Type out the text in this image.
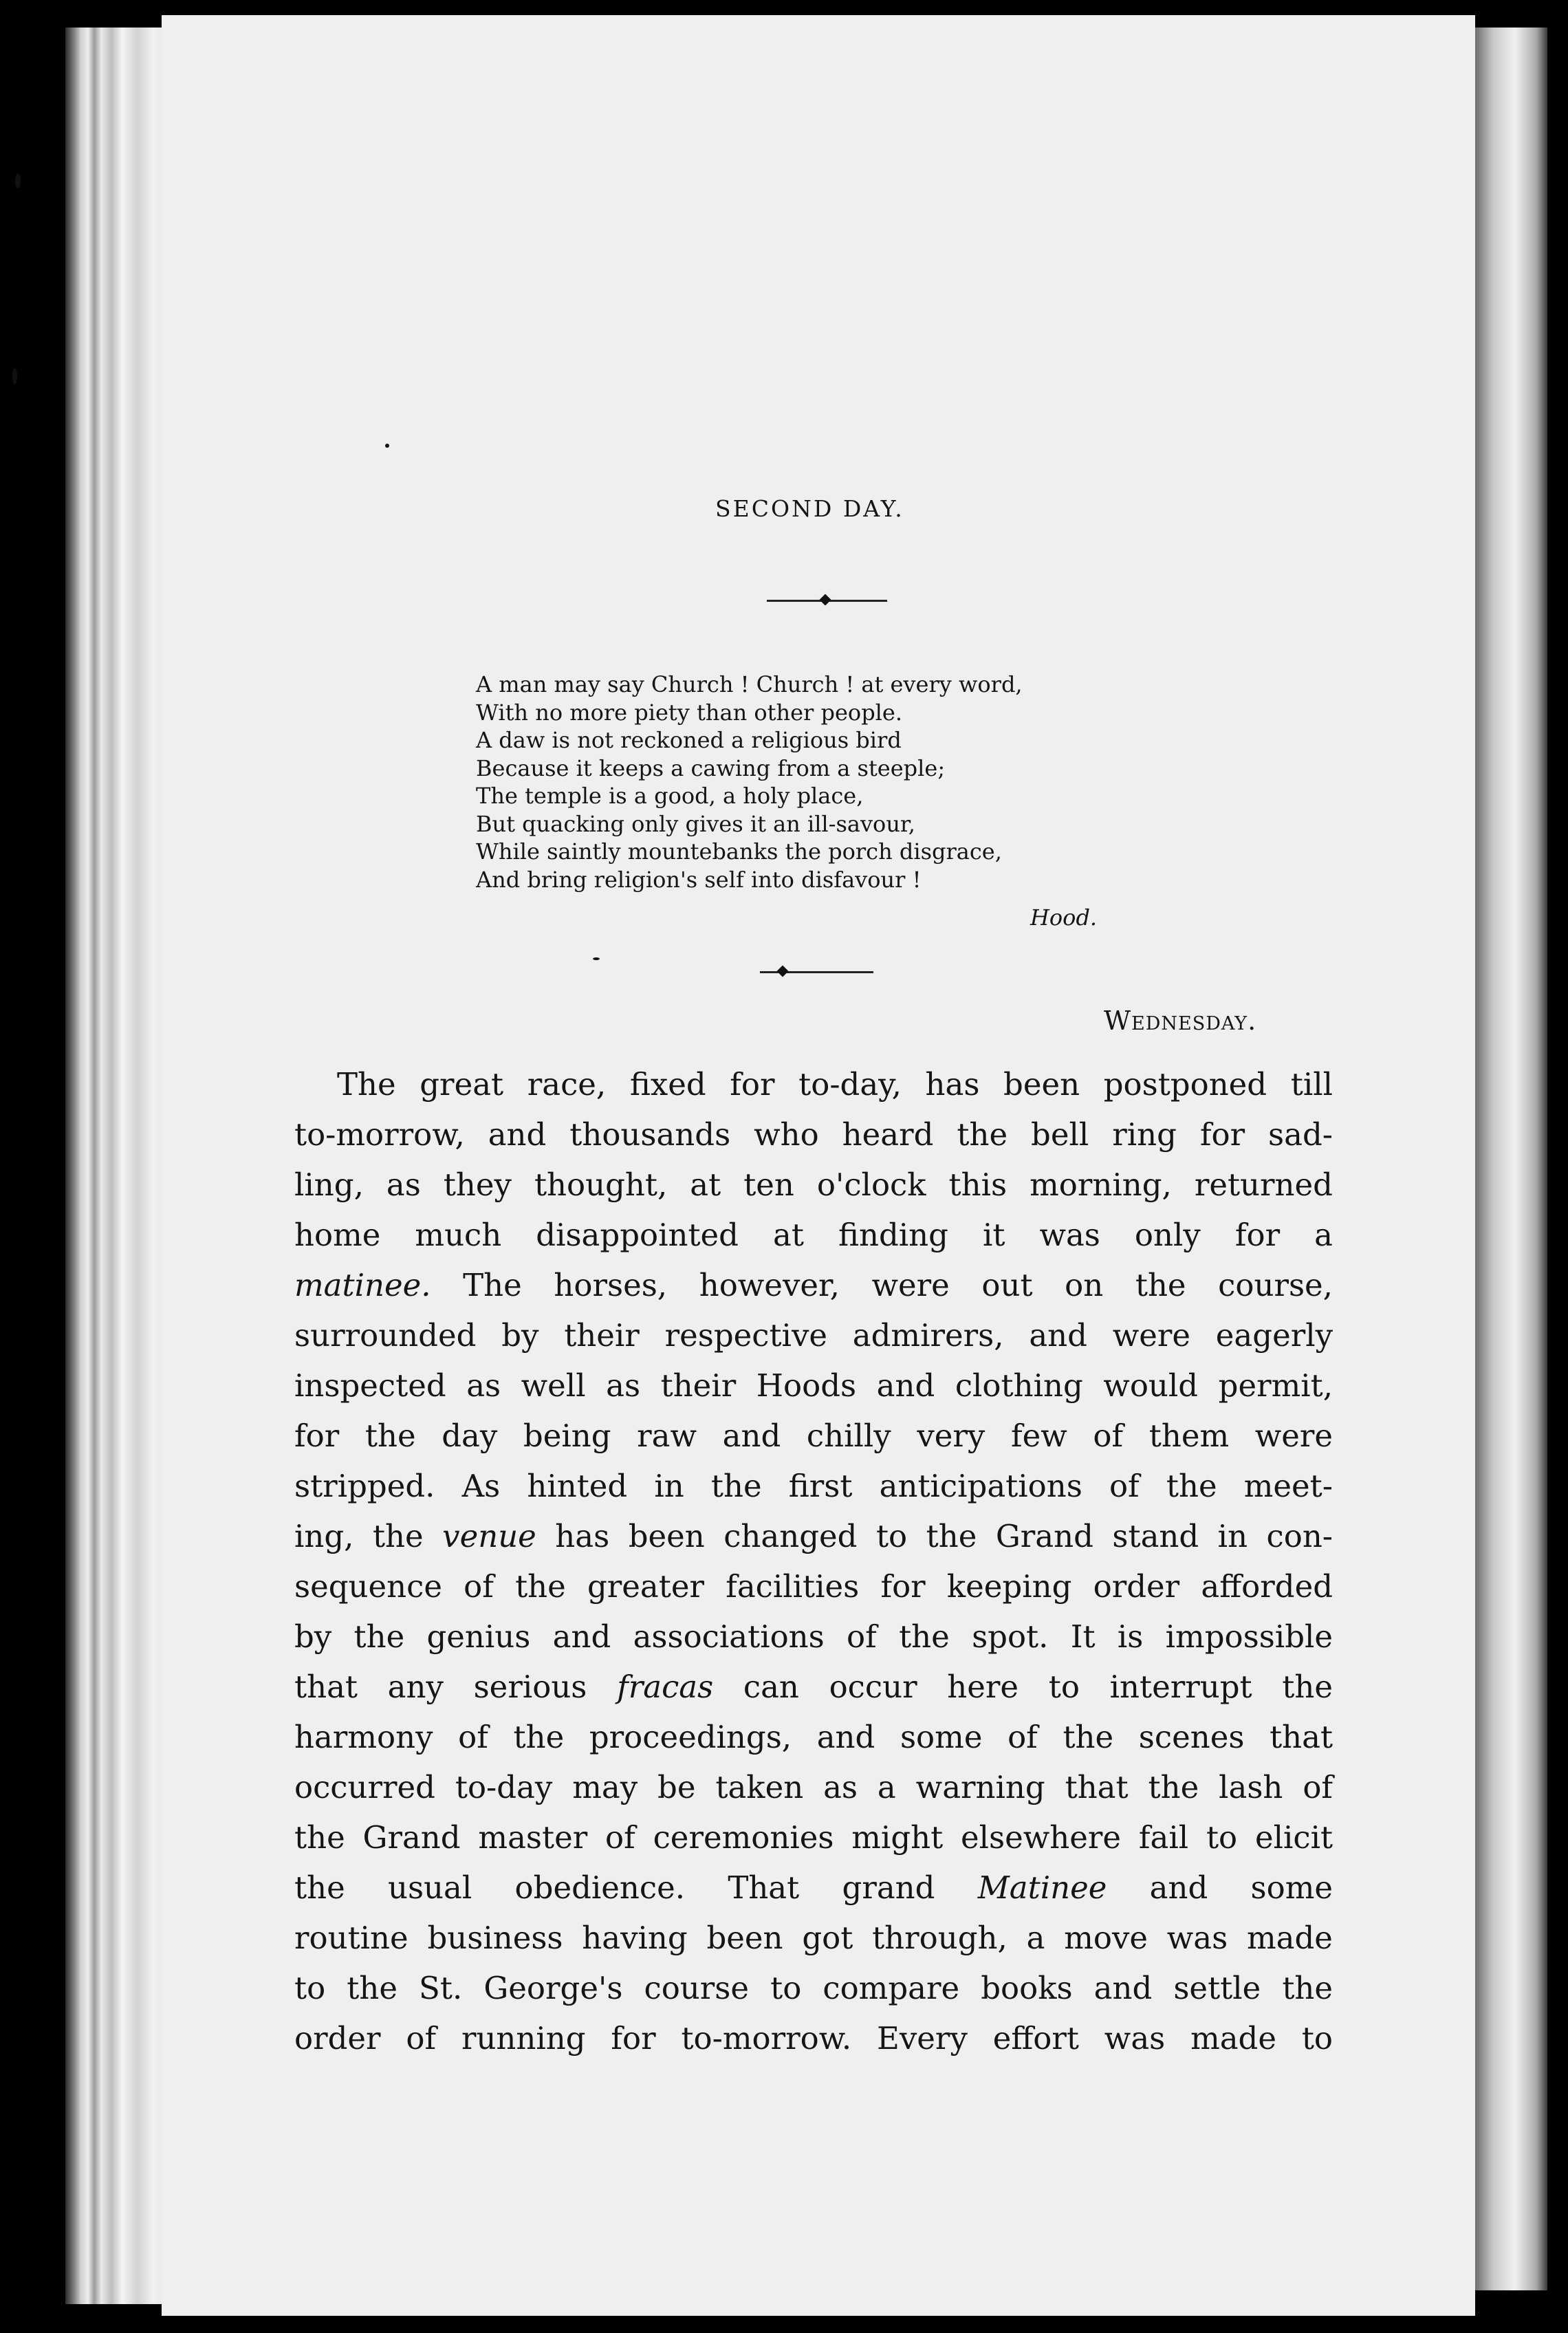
SECOND DAY.
A man may say Church ! Church ! at every word,
With no more piety than other people.
A daw is not reckoned a religious bird
Because it keeps a cawing from a steeple;
The temple is a good, a holy place,
But quacking only gives it an ill-savour,
While saintly mountebanks the porch disgrace,
And bring religion's self into disfavour !
Hood.
Wednesday.
The great race, fixed for to-day, has been postponed till
to-morrow, and thousands who heard the bell ring for sad-
ling, as they thought, at ten o'clock this morning, returned
home much disappointed at finding it was only for a
matinee. The horses, however, were out on the course,
surrounded by their respective admirers, and were eagerly
inspected as well as their Hoods and clothing would permit,
for the day being raw and chilly very few of them were
stripped. As hinted in the first anticipations of the meet-
ing, the venue has been changed to the Grand stand in con-
sequence of the greater facilities for keeping order afforded
by the genius and associations of the spot. It is impossible
that any serious fracas can occur here to interrupt the
harmony of the proceedings, and some of the scenes that
occurred to-day may be taken as a warning that the lash of
the Grand master of ceremonies might elsewhere fail to elicit
the usual obedience. That grand Matinee and some
routine business having been got through, a move was made
to the St. George's course to compare books and settle the
order of running for to-morrow. Every effort was made to
